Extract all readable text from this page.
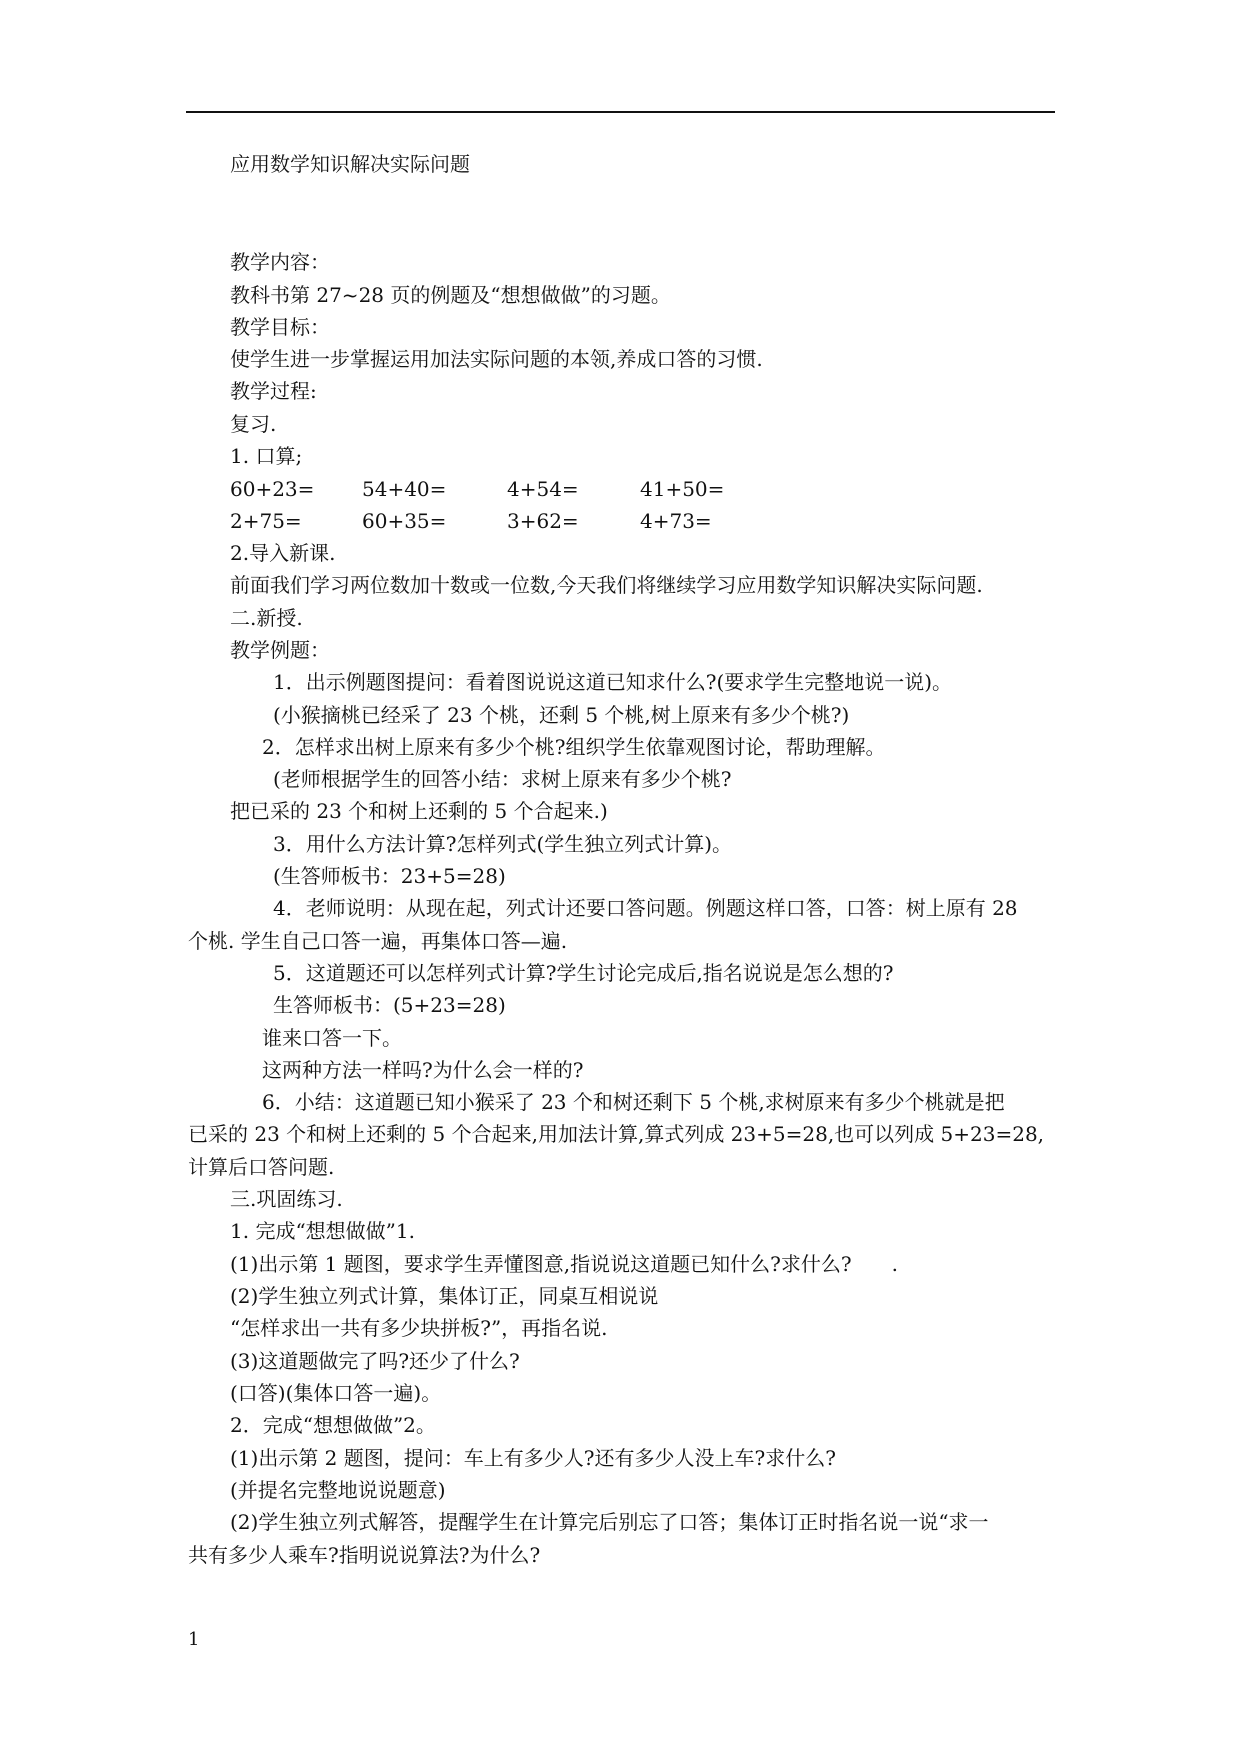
应用数学知识解决实际问题
教学内容：
教科书第 27~28 页的例题及“想想做做”的习题。
教学目标：
使学生进一步掌握运用加法实际问题的本领,养成口答的习惯.
教学过程:
复习.
1. 口算;
60+23= 54+40=	4+54=	41+50=
2+75=	60+35=	3+62=	4+73=
2.导入新课.
前面我们学习两位数加十数或一位数,今天我们将继续学习应用数学知识解决实际问题.
二.新授.
教学例题：
1．出示例题图提问：看着图说说这道已知求什么?(要求学生完整地说一说)。
(小猴摘桃已经采了 23 个桃，还剩 5 个桃,树上原来有多少个桃?)
2．怎样求出树上原来有多少个桃?组织学生依靠观图讨论，帮助理解。
(老师根据学生的回答小结：求树上原来有多少个桃?
把已采的 23 个和树上还剩的 5 个合起来.)
3．用什么方法计算?怎样列式(学生独立列式计算)。
(生答师板书：23+5=28)
4．老师说明：从现在起，列式计还要口答问题。例题这样口答，口答：树上原有 28
个桃. 学生自己口答一遍，再集体口答—遍.
5．这道题还可以怎样列式计算?学生讨论完成后,指名说说是怎么想的?
生答师板书：(5+23=28)
谁来口答一下。
这两种方法一样吗?为什么会一样的?
6．小结：这道题已知小猴采了 23 个和树还剩下 5 个桃,求树原来有多少个桃就是把
已采的 23 个和树上还剩的 5 个合起来,用加法计算,算式列成 23+5=28,也可以列成 5+23=28,
计算后口答问题.
三.巩固练习.
1. 完成“想想做做”1.
(1)出示第 1 题图，要求学生弄懂图意,指说说这道题已知什么?求什么?　　.
(2)学生独立列式计算，集体订正，同桌互相说说
“怎样求出一共有多少块拼板?”，再指名说.
(3)这道题做完了吗?还少了什么?
(口答)(集体口答一遍)。
2．完成“想想做做”2。
(1)出示第 2 题图，提问：车上有多少人?还有多少人没上车?求什么?
(并提名完整地说说题意)
(2)学生独立列式解答，提醒学生在计算完后别忘了口答；集体订正时指名说一说“求一
共有多少人乘车?指明说说算法?为什么?
1
